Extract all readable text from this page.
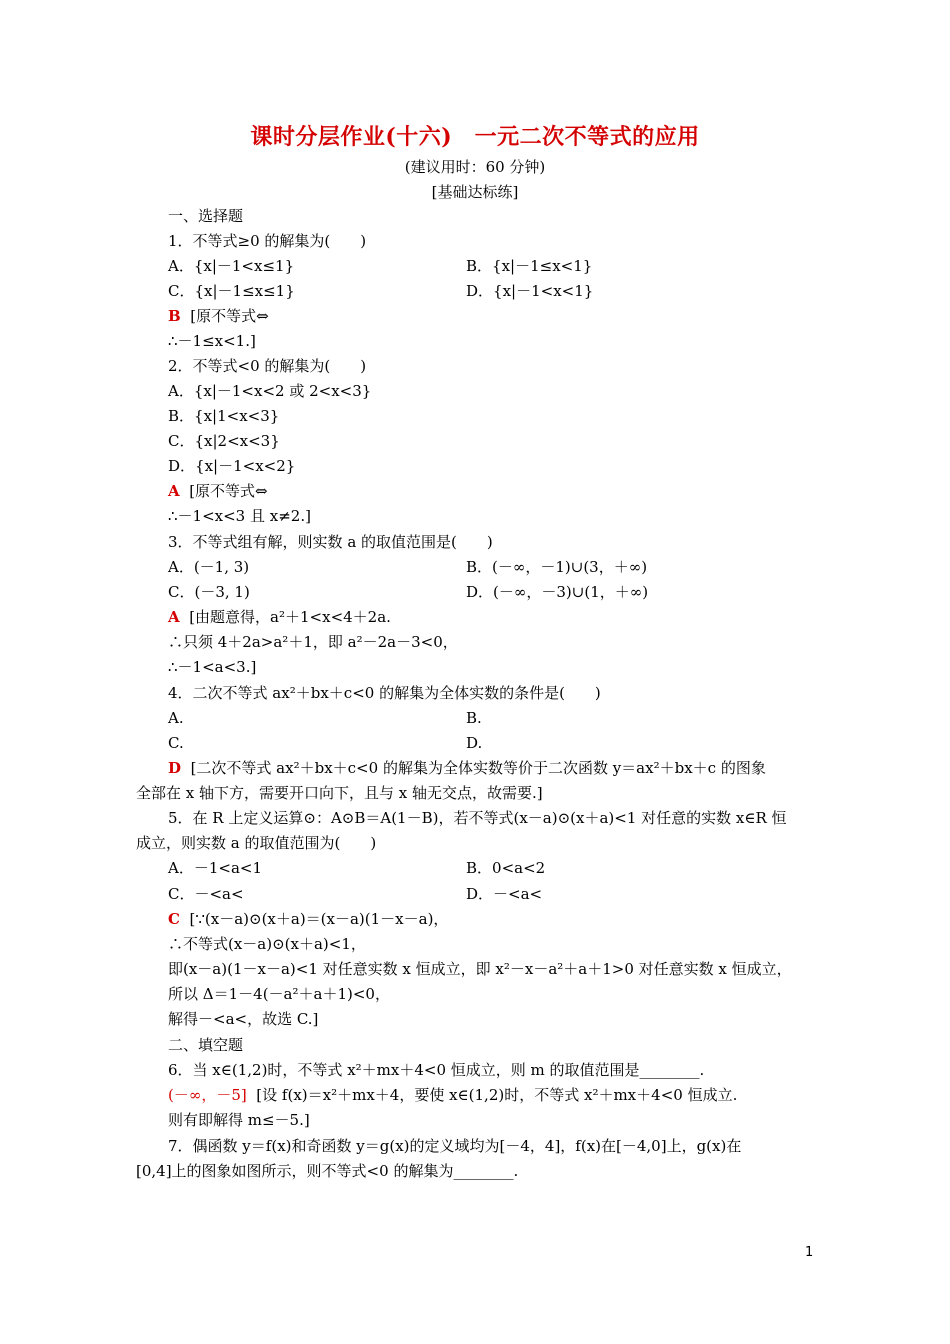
课时分层作业(十六)　一元二次不等式的应用
(建议用时：60 分钟)
[基础达标练]
一、选择题
1．不等式≥0 的解集为(　　)
A．{x|－1<x≤1}	B．{x|－1≤x<1}
C．{x|－1≤x≤1}	D．{x|－1<x<1}
B [原不等式⇔
∴－1≤x<1.]
2．不等式<0 的解集为(　　)
A．{x|－1<x<2 或 2<x<3}
B．{x|1<x<3}
C．{x|2<x<3}
D．{x|－1<x<2}
A [原不等式⇔
∴－1<x<3 且 x≠2.]
3．不等式组有解，则实数 a 的取值范围是(　　)
A．(－1, 3)	B．(－∞，－1)∪(3，＋∞)
C．(－3, 1)	D．(－∞，－3)∪(1，＋∞)
A [由题意得，a²＋1<x<4＋2a.
∴只须 4＋2a>a²＋1，即 a²－2a－3<0，
∴－1<a<3.]
4．二次不等式 ax²＋bx＋c<0 的解集为全体实数的条件是(　　)
A.	B.
C.	D.
D [二次不等式 ax²＋bx＋c<0 的解集为全体实数等价于二次函数 y＝ax²＋bx＋c 的图象
全部在 x 轴下方，需要开口向下，且与 x 轴无交点，故需要.]
5．在 R 上定义运算⊙：A⊙B＝A(1－B)，若不等式(x－a)⊙(x＋a)<1 对任意的实数 x∈R 恒
成立，则实数 a 的取值范围为(　　)
A．－1<a<1	B．0<a<2
C．－<a<	D．－<a<
C [∵(x－a)⊙(x＋a)＝(x－a)(1－x－a)，
∴不等式(x－a)⊙(x＋a)<1，
即(x－a)(1－x－a)<1 对任意实数 x 恒成立，即 x²－x－a²＋a＋1>0 对任意实数 x 恒成立，
所以 Δ＝1－4(－a²＋a＋1)<0，
解得－<a<，故选 C.]
二、填空题
6．当 x∈(1,2)时，不等式 x²＋mx＋4<0 恒成立，则 m 的取值范围是________.
(－∞，－5] [设 f(x)＝x²＋mx＋4，要使 x∈(1,2)时，不等式 x²＋mx＋4<0 恒成立.
则有即解得 m≤－5.]
7．偶函数 y＝f(x)和奇函数 y＝g(x)的定义域均为[－4，4]，f(x)在[－4,0]上，g(x)在
[0,4]上的图象如图所示，则不等式<0 的解集为________.
1
